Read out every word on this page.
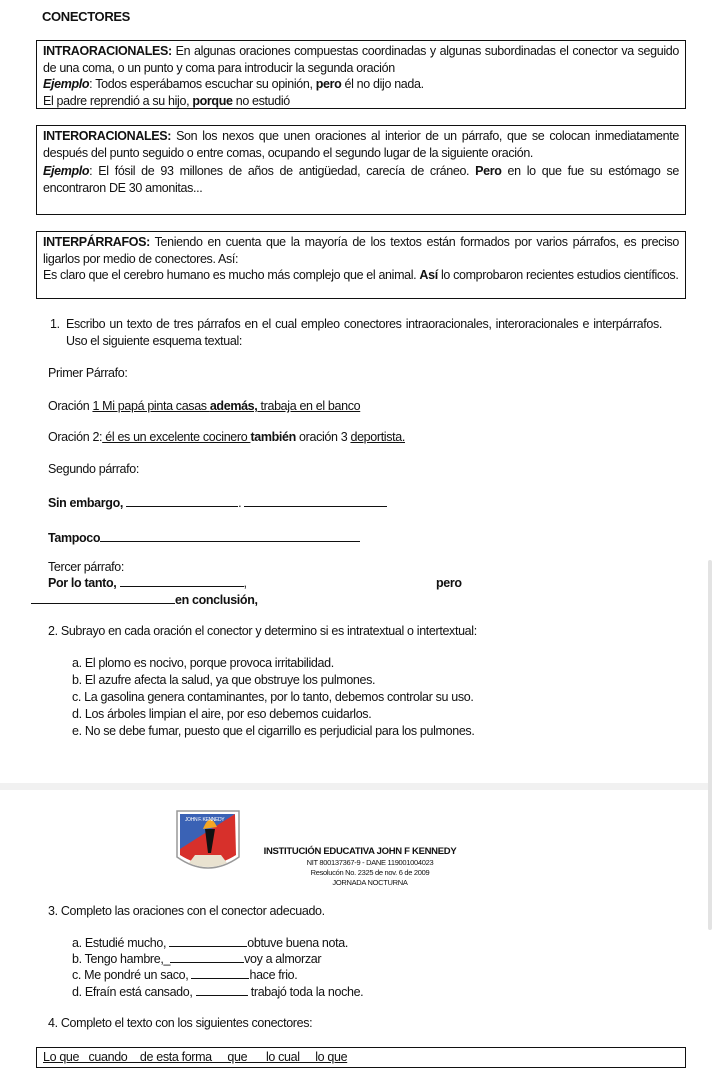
CONECTORES
INTRAORACIONALES: En algunas oraciones compuestas coordinadas y algunas subordinadas el conector va seguido de una coma, o un punto y coma para introducir la segunda oración
Ejemplo: Todos esperábamos escuchar su opinión, pero él no dijo nada.
El padre reprendió a su hijo, porque no estudió
INTERORACIONALES: Son los nexos que unen oraciones al interior de un párrafo, que se colocan inmediatamente después del punto seguido o entre comas, ocupando el segundo lugar de la siguiente oración.
Ejemplo: El fósil de 93 millones de años de antigüedad, carecía de cráneo. Pero en lo que fue su estómago se encontraron DE 30 amonitas...
INTERPÁRRAFOS: Teniendo en cuenta que la mayoría de los textos están formados por varios párrafos, es preciso ligarlos por medio de conectores. Así:
Es claro que el cerebro humano es mucho más complejo que el animal. Así lo comprobaron recientes estudios científicos.
1. Escribo un texto de tres párrafos en el cual empleo conectores intraoracionales, interoracionales e interpárrafos. Uso el siguiente esquema textual:
Primer Párrafo:
Oración 1 Mi papá pinta casas además, trabaja en el banco
Oración 2: él es un excelente cocinero también oración 3 deportista.
Segundo párrafo:
Sin embargo,	.
Tampoco
Tercer párrafo:
Por lo tanto,	,	pero
en conclusión,
2. Subrayo en cada oración el conector y determino si es intratextual o intertextual:
a. El plomo es nocivo, porque provoca irritabilidad.
b. El azufre afecta la salud, ya que obstruye los pulmones.
c. La gasolina genera contaminantes, por lo tanto, debemos controlar su uso.
d. Los árboles limpian el aire, por eso debemos cuidarlos.
e. No se debe fumar, puesto que el cigarrillo es perjudicial para los pulmones.
JOHN F. KENNEDY
INSTITUCIÓN EDUCATIVA JOHN F KENNEDY
NIT 800137367-9 - DANE 119001004023
Resolucón No. 2325 de nov. 6 de 2009
JORNADA NOCTURNA
3. Completo las oraciones con el conector adecuado.
a. Estudié mucho,	obtuve buena nota.
b. Tengo hambre,_	voy a almorzar
c. Me pondré un saco,	hace frio.
d. Efraín está cansado,	trabajó toda la noche.
4. Completo el texto con los siguientes conectores:
Lo que   cuando    de esta forma     que      lo cual     lo que
